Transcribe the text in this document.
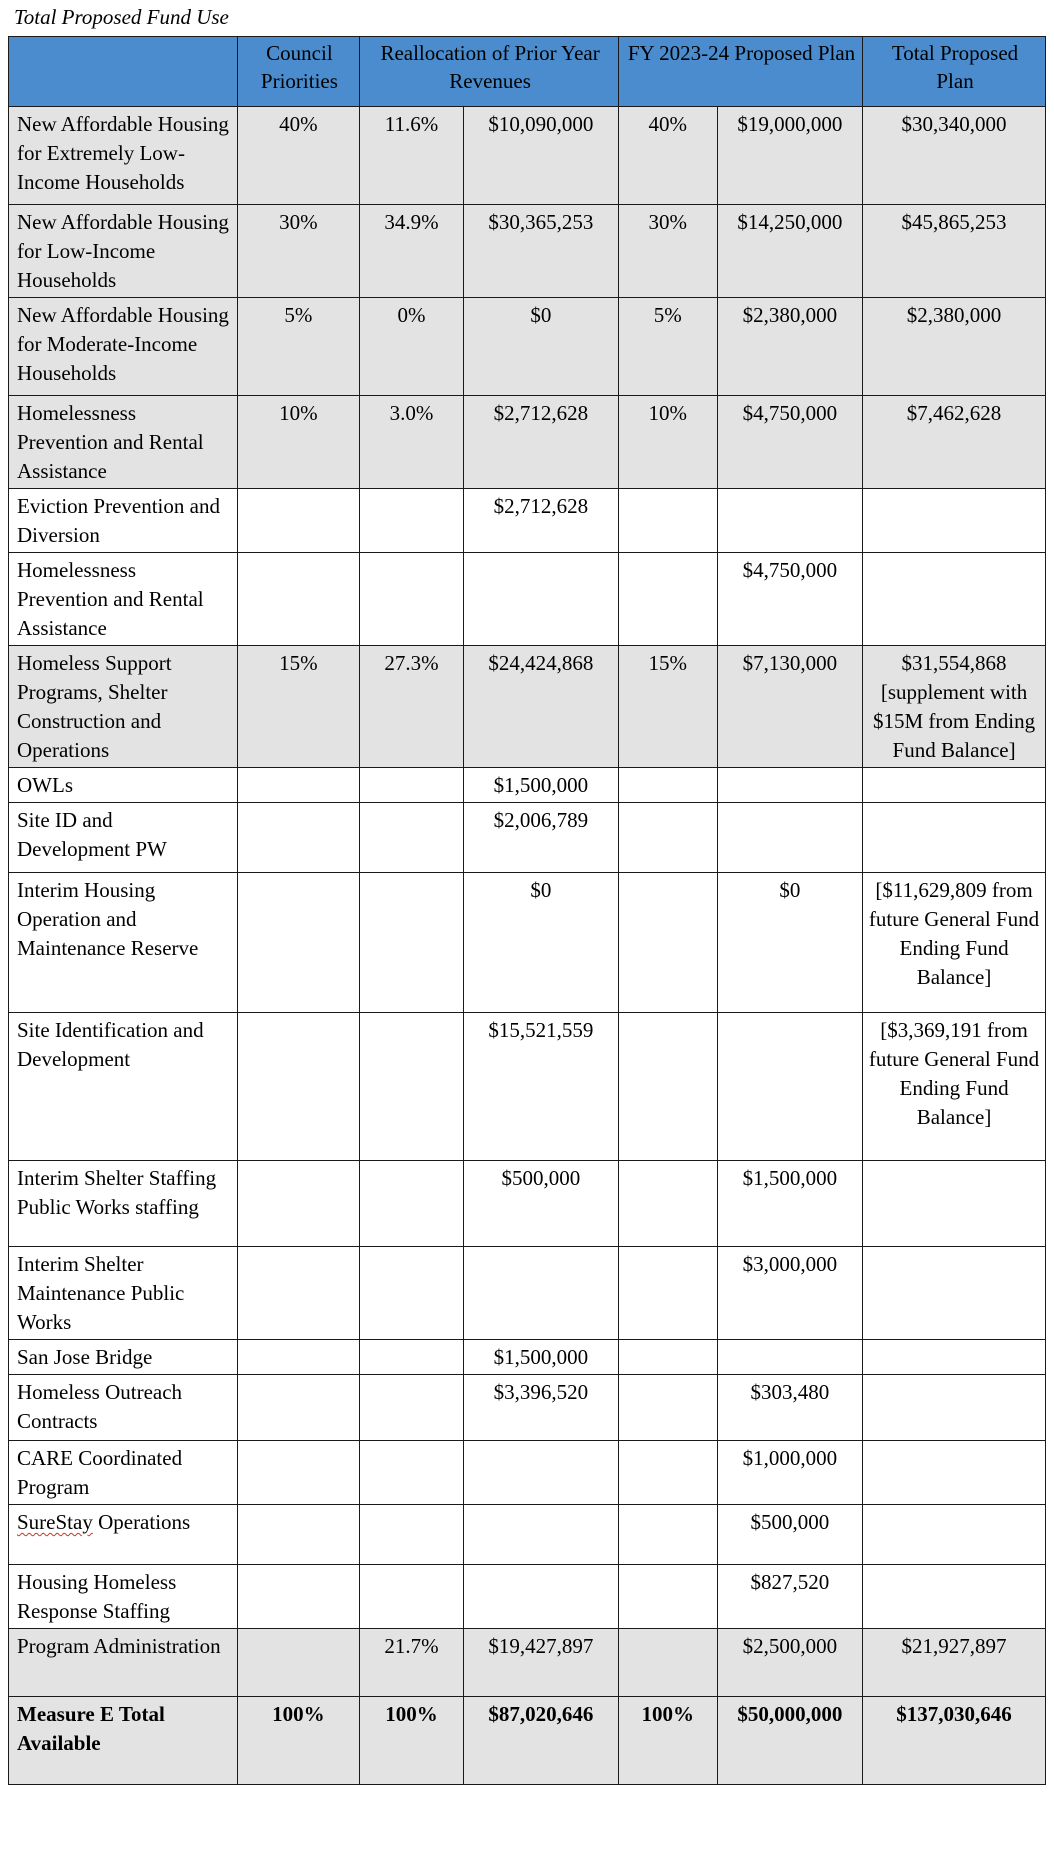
Total Proposed Fund Use
	Council Priorities	Reallocation of Prior Year Revenues		FY 2023-24 Proposed Plan		Total Proposed Plan
New Affordable Housing for Extremely Low-Income Households	40%	11.6%	$10,090,000	40%	$19,000,000	$30,340,000
New Affordable Housing for Low-Income Households	30%	34.9%	$30,365,253	30%	$14,250,000	$45,865,253
New Affordable Housing for Moderate-Income Households	5%	0%	$0	5%	$2,380,000	$2,380,000
Homelessness Prevention and Rental Assistance	10%	3.0%	$2,712,628	10%	$4,750,000	$7,462,628
Eviction Prevention and Diversion			$2,712,628			
Homelessness Prevention and Rental Assistance					$4,750,000	
Homeless Support Programs, Shelter Construction and Operations	15%	27.3%	$24,424,868	15%	$7,130,000	$31,554,868 [supplement with $15M from Ending Fund Balance]
OWLs			$1,500,000			
Site ID and Development PW			$2,006,789			
Interim Housing Operation and Maintenance Reserve			$0		$0	[$11,629,809 from future General Fund Ending Fund Balance]
Site Identification and Development			$15,521,559			[$3,369,191 from future General Fund Ending Fund Balance]
Interim Shelter Staffing Public Works staffing			$500,000		$1,500,000	
Interim Shelter Maintenance Public Works					$3,000,000	
San Jose Bridge			$1,500,000			
Homeless Outreach Contracts			$3,396,520		$303,480	
CARE Coordinated Program					$1,000,000	
SureStay Operations					$500,000	
Housing Homeless Response Staffing					$827,520	
Program Administration		21.7%	$19,427,897		$2,500,000	$21,927,897
Measure E Total Available	100%	100%	$87,020,646	100%	$50,000,000	$137,030,646
